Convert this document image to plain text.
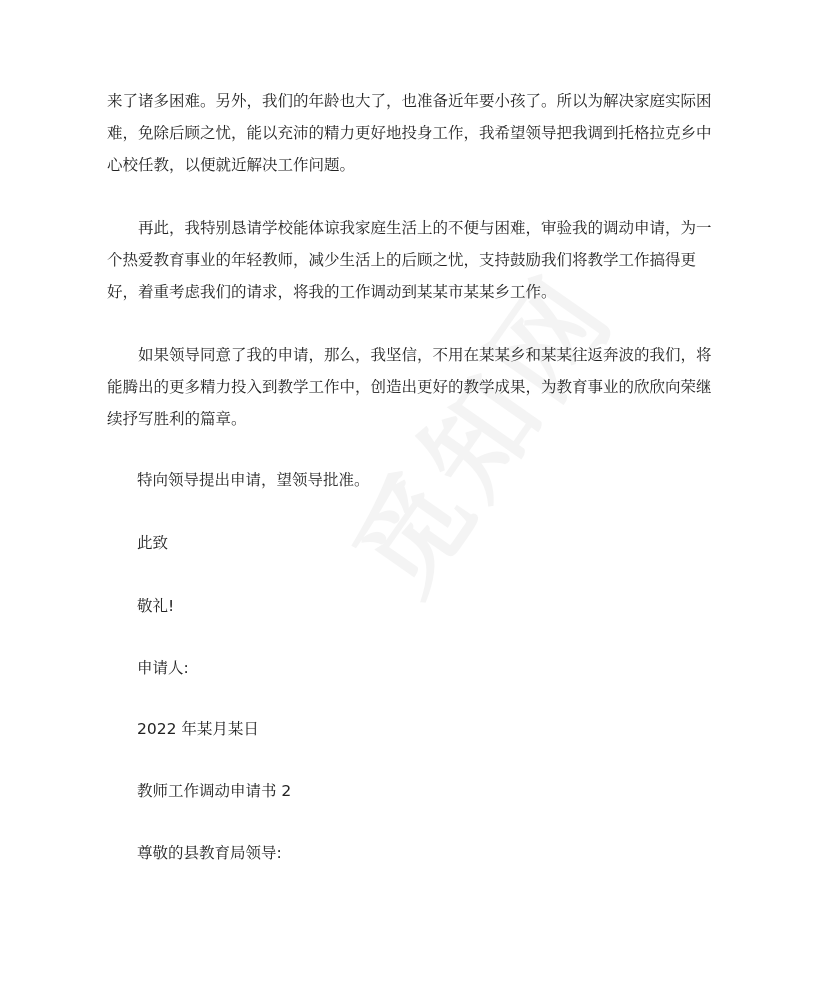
来了诸多困难。另外，我们的年龄也大了，也准备近年要小孩了。所以为解决家庭实际困
难，免除后顾之忧，能以充沛的精力更好地投身工作，我希望领导把我调到托格拉克乡中
心校任教，以便就近解决工作问题。

再此，我特别恳请学校能体谅我家庭生活上的不便与困难，审验我的调动申请，为一
个热爱教育事业的年轻教师，减少生活上的后顾之忧，支持鼓励我们将教学工作搞得更
好，着重考虑我们的请求，将我的工作调动到某某市某某乡工作。

如果领导同意了我的申请，那么，我坚信，不用在某某乡和某某往返奔波的我们，将
能腾出的更多精力投入到教学工作中，创造出更好的教学成果，为教育事业的欣欣向荣继
续抒写胜利的篇章。

特向领导提出申请，望领导批准。

此致

敬礼!

申请人:

2022 年某月某日

教师工作调动申请书 2

尊敬的县教育局领导:
